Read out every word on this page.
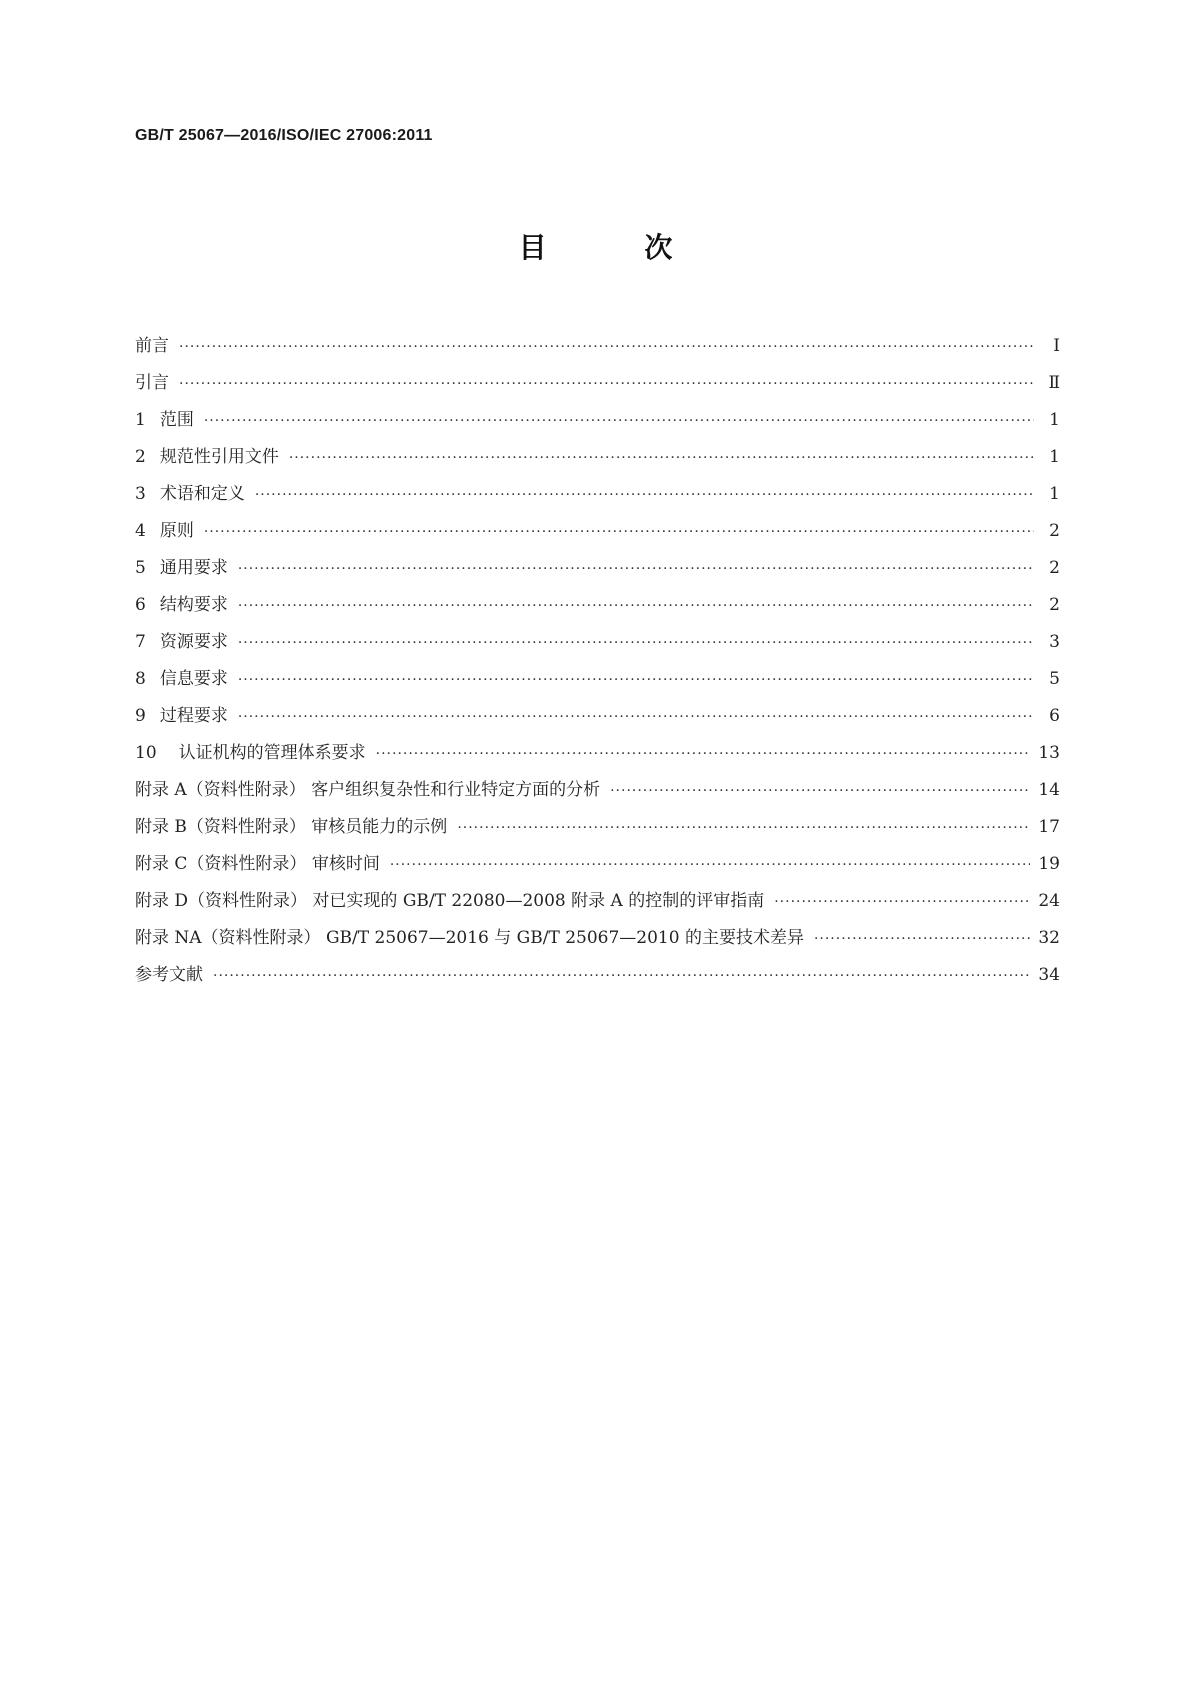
GB/T 25067—2016/ISO/IEC 27006:2011
目 次
前言 ·····	Ⅰ
引言 ·····	Ⅱ
1 范围 ·····	1
2 规范性引用文件 ·····	1
3 术语和定义 ·····	1
4 原则 ·····	2
5 通用要求 ·····	2
6 结构要求 ·····	2
7 资源要求 ·····	3
8 信息要求 ·····	5
9 过程要求 ·····	6
10 认证机构的管理体系要求 ·····	13
附录 A（资料性附录） 客户组织复杂性和行业特定方面的分析 ·····	14
附录 B（资料性附录） 审核员能力的示例 ·····	17
附录 C（资料性附录） 审核时间 ·····	19
附录 D（资料性附录） 对已实现的 GB/T 22080—2008 附录 A 的控制的评审指南 ·····	24
附录 NA（资料性附录） GB/T 25067—2016 与 GB/T 25067—2010 的主要技术差异 ·····	32
参考文献 ·····	34
